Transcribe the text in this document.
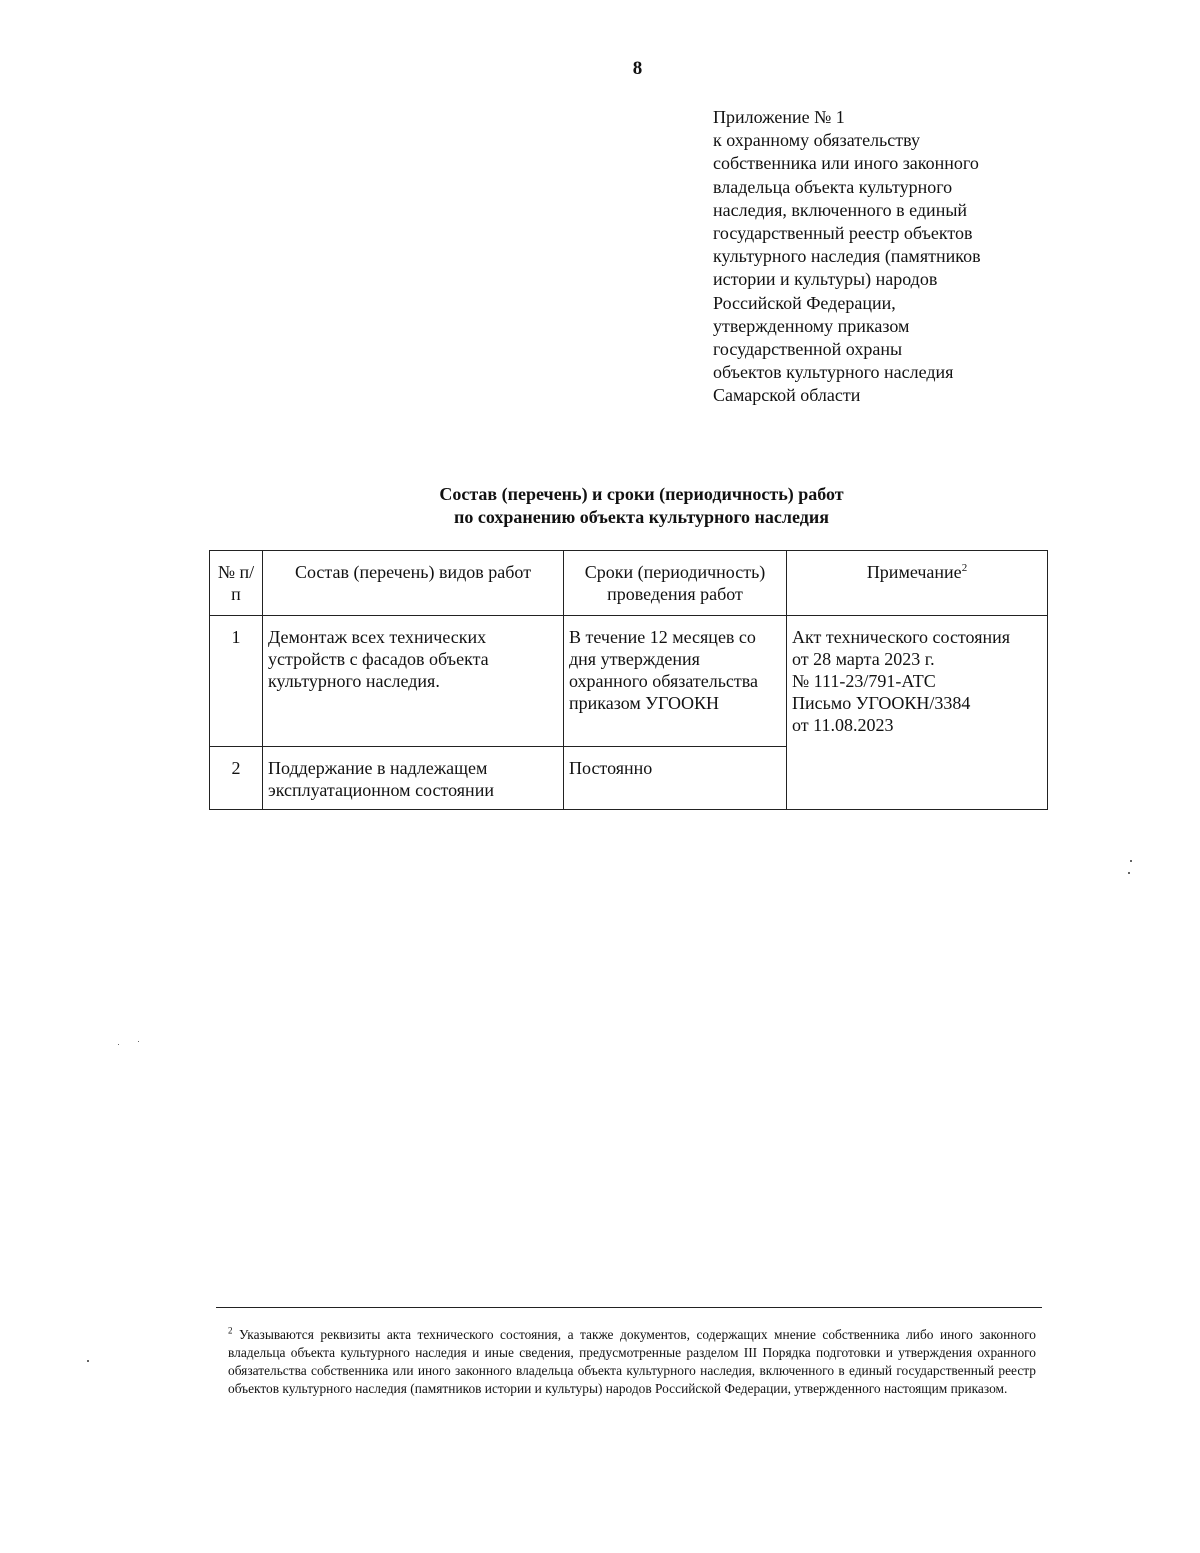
8
Приложение № 1
к охранному обязательству
собственника или иного законного
владельца объекта культурного
наследия, включенного в единый
государственный реестр объектов
культурного наследия (памятников
истории и культуры) народов
Российской Федерации,
утвержденному приказом
государственной охраны
объектов культурного наследия
Самарской области
Состав (перечень) и сроки (периодичность) работ
по сохранению объекта культурного наследия
№ п/п	Состав (перечень) видов работ	Сроки (периодичность) проведения работ	Примечание$^2$
1	Демонтаж всех технических устройств с фасадов объекта культурного наследия.	В течение 12 месяцев со дня утверждения охранного обязательства приказом УГООКН	Акт технического состояния
от 28 марта 2023 г.
№ 111-23/791-АТС
Письмо УГООКН/3384
от 11.08.2023

2	Поддержание в надлежащем эксплуатационном состоянии	Постоянно	
$^2$ Указываются реквизиты акта технического состояния, а также документов, содержащих мнение собственника либо иного законного владельца объекта культурного наследия и иные сведения, предусмотренные разделом III Порядка подготовки и утверждения охранного обязательства собственника или иного законного владельца объекта культурного наследия, включенного в единый государственный реестр объектов культурного наследия (памятников истории и культуры) народов Российской Федерации, утвержденного настоящим приказом.
